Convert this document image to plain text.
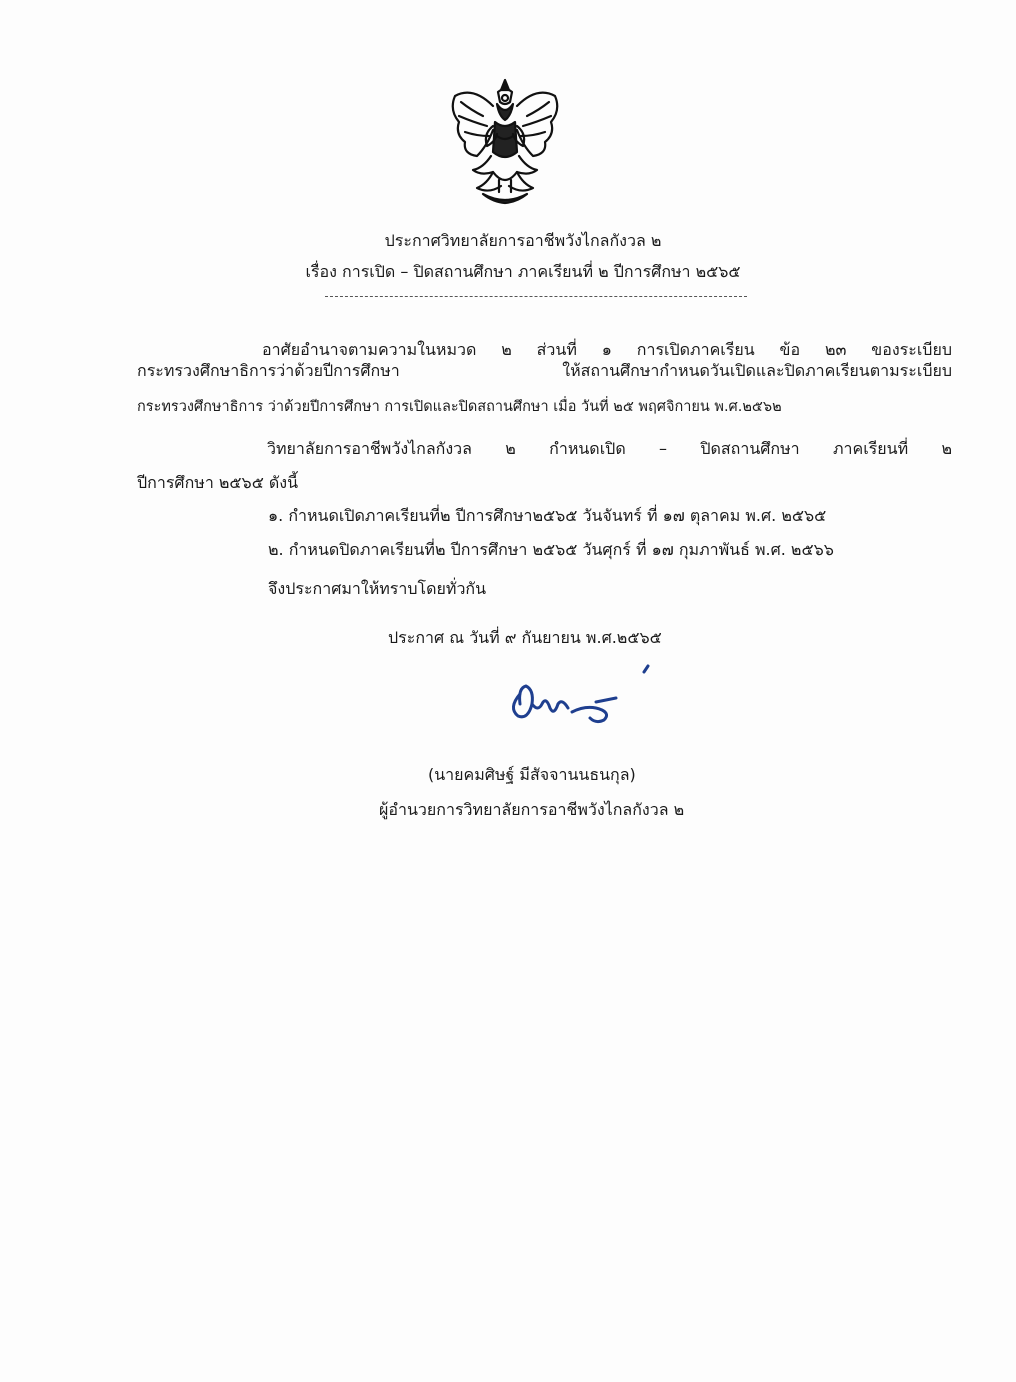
ประกาศวิทยาลัยการอาชีพวังไกลกังวล ๒
เรื่อง การเปิด – ปิดสถานศึกษา ภาคเรียนที่ ๒ ปีการศึกษา ๒๕๖๕
อาศัยอำนาจตามความในหมวด ๒ ส่วนที่ ๑ การเปิดภาคเรียน ข้อ ๒๓ ของระเบียบ
กระทรวงศึกษาธิการว่าด้วยปีการศึกษา ให้สถานศึกษากำหนดวันเปิดและปิดภาคเรียนตามระเบียบ
กระทรวงศึกษาธิการ ว่าด้วยปีการศึกษา การเปิดและปิดสถานศึกษา เมื่อ วันที่ ๒๕ พฤศจิกายน พ.ศ.๒๕๖๒
วิทยาลัยการอาชีพวังไกลกังวล ๒ กำหนดเปิด – ปิดสถานศึกษา ภาคเรียนที่ ๒
ปีการศึกษา ๒๕๖๕ ดังนี้
๑. กำหนดเปิดภาคเรียนที่๒ ปีการศึกษา๒๕๖๕ วันจันทร์ ที่ ๑๗ ตุลาคม พ.ศ. ๒๕๖๕
๒. กำหนดปิดภาคเรียนที่๒ ปีการศึกษา ๒๕๖๕ วันศุกร์ ที่ ๑๗ กุมภาพันธ์ พ.ศ. ๒๕๖๖
จึงประกาศมาให้ทราบโดยทั่วกัน
ประกาศ ณ วันที่ ๙ กันยายน พ.ศ.๒๕๖๕
(นายคมศิษฐ์ มีสัจจานนธนกุล)
ผู้อำนวยการวิทยาลัยการอาชีพวังไกลกังวล ๒
